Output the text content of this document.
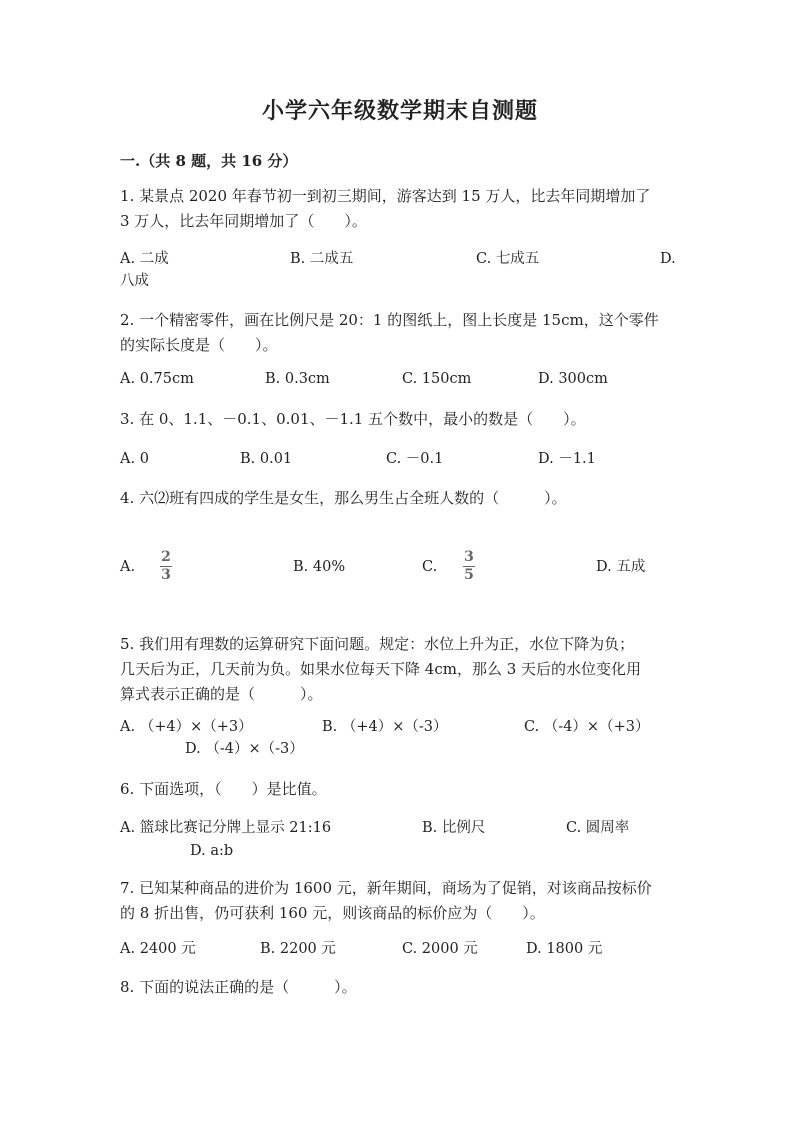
小学六年级数学期末自测题
一.（共 8 题，共 16 分）
1. 某景点 2020 年春节初一到初三期间，游客达到 15 万人，比去年同期增加了
3 万人，比去年同期增加了（　　）。
A. 二成	B. 二成五	C. 七成五	D.
八成
2. 一个精密零件，画在比例尺是 20：1 的图纸上，图上长度是 15cm，这个零件
的实际长度是（　　）。
A. 0.75cm	B. 0.3cm	C. 150cm	D. 300cm
3. 在 0、1.1、－0.1、0.01、－1.1 五个数中，最小的数是（　　）。
A. 0	B. 0.01	C. －0.1	D. －1.1
4. 六⑵班有四成的学生是女生，那么男生占全班人数的（　　　）。
A.
2
3	B. 40%	C.
3
5	D. 五成
5. 我们用有理数的运算研究下面问题。规定：水位上升为正，水位下降为负；
几天后为正，几天前为负。如果水位每天下降 4cm，那么 3 天后的水位变化用
算式表示正确的是（　　　）。
A. （+4）×（+3）	B. （+4）×（-3）	C. （-4）×（+3）
D. （-4）×（-3）
6. 下面选项，（　　）是比值。
A. 篮球比赛记分牌上显示 21:16	B. 比例尺	C. 圆周率
D. a:b
7. 已知某种商品的进价为 1600 元，新年期间，商场为了促销，对该商品按标价
的 8 折出售，仍可获利 160 元，则该商品的标价应为（　　）。
A. 2400 元	B. 2200 元	C. 2000 元	D. 1800 元
8. 下面的说法正确的是（　　　）。
